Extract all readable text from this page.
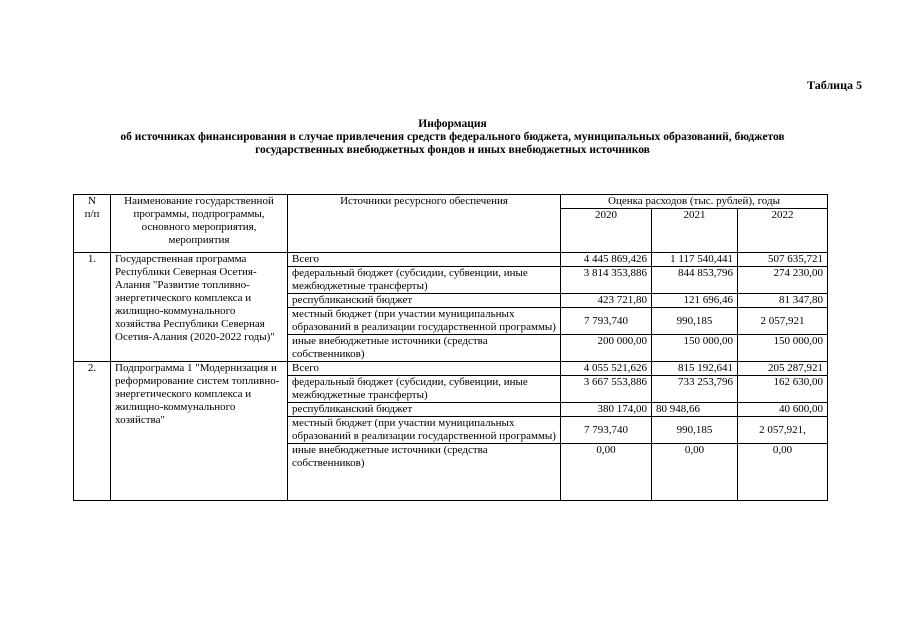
Таблица 5
Информация
об источниках финансирования в случае привлечения средств федерального бюджета, муниципальных образований, бюджетов
государственных внебюджетных фондов и иных внебюджетных источников
N
п/п	Наименование государственной программы, подпрограммы, основного мероприятия, мероприятия	Источники ресурсного обеспечения	Оценка расходов (тыс. рублей), годы		
			2020	2021	2022
1.	Государственная программа Республики Северная Осетия-Алания "Развитие топливно-энергетического комплекса и жилищно-коммунального хозяйства Республики Северная Осетия-Алания (2020-2022 годы)"	Всего	4 445 869,426	1 117 540,441	507 635,721
		федеральный бюджет (субсидии, субвенции, иные межбюджетные трансферты)	3 814 353,886	844 853,796	274 230,00
		республиканский бюджет	423 721,80	121 696,46	81 347,80
		местный бюджет (при участии муниципальных образований в реализации государственной программы)	7 793,740	990,185	2 057,921
		иные внебюджетные источники (средства собственников)	200 000,00	150 000,00	150 000,00
2.	Подпрограмма 1 "Модернизация и реформирование систем топливно-энергетического комплекса и жилищно-коммунального хозяйства"	Всего	4 055 521,626	815 192,641	205 287,921
		федеральный бюджет (субсидии, субвенции, иные межбюджетные трансферты)	3 667 553,886	733 253,796	162 630,00
		республиканский бюджет	380 174,00	80 948,66	40 600,00
		местный бюджет (при участии муниципальных образований в реализации государственной программы)	7 793,740	990,185	2 057,921,
		иные внебюджетные источники (средства собственников)	0,00	0,00	0,00
